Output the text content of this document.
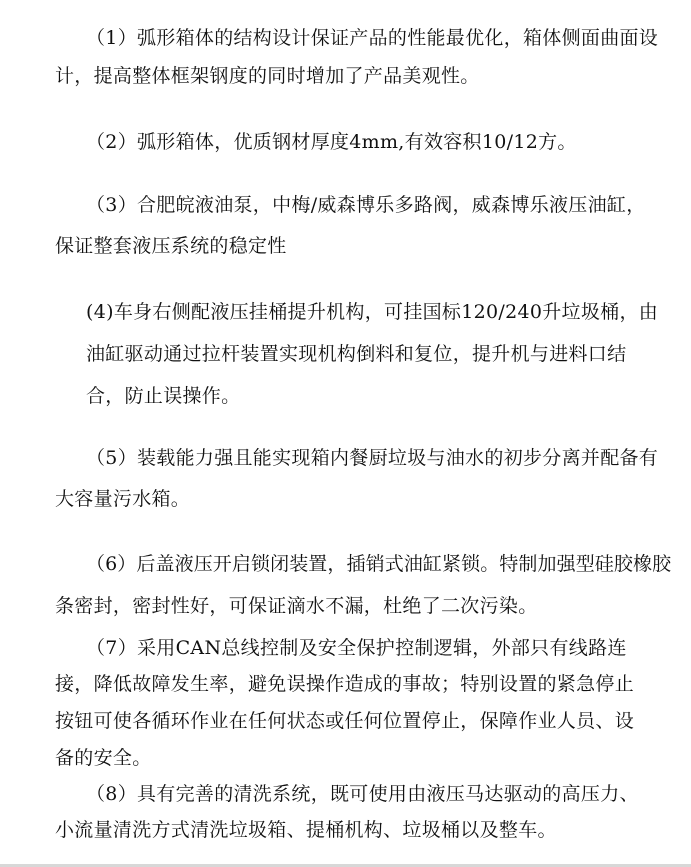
（1）弧形箱体的结构设计保证产品的性能最优化，箱体侧面曲面设
计，提高整体框架钢度的同时增加了产品美观性。
（2）弧形箱体，优质钢材厚度4mm,有效容积10/12方。
（3）合肥皖液油泵，中梅/威森博乐多路阀，威森博乐液压油缸，
保证整套液压系统的稳定性
(4)车身右侧配液压挂桶提升机构，可挂国标120/240升垃圾桶，由
油缸驱动通过拉杆装置实现机构倒料和复位，提升机与进料口结
合，防止误操作。
（5）装载能力强且能实现箱内餐厨垃圾与油水的初步分离并配备有
大容量污水箱。
（6）后盖液压开启锁闭装置，插销式油缸紧锁。特制加强型硅胶橡胶
条密封，密封性好，可保证滴水不漏，杜绝了二次污染。
（7）采用CAN总线控制及安全保护控制逻辑，外部只有线路连
接，降低故障发生率，避免误操作造成的事故；特别设置的紧急停止
按钮可使各循环作业在任何状态或任何位置停止，保障作业人员、设
备的安全。
（8）具有完善的清洗系统，既可使用由液压马达驱动的高压力、
小流量清洗方式清洗垃圾箱、提桶机构、垃圾桶以及整车。
